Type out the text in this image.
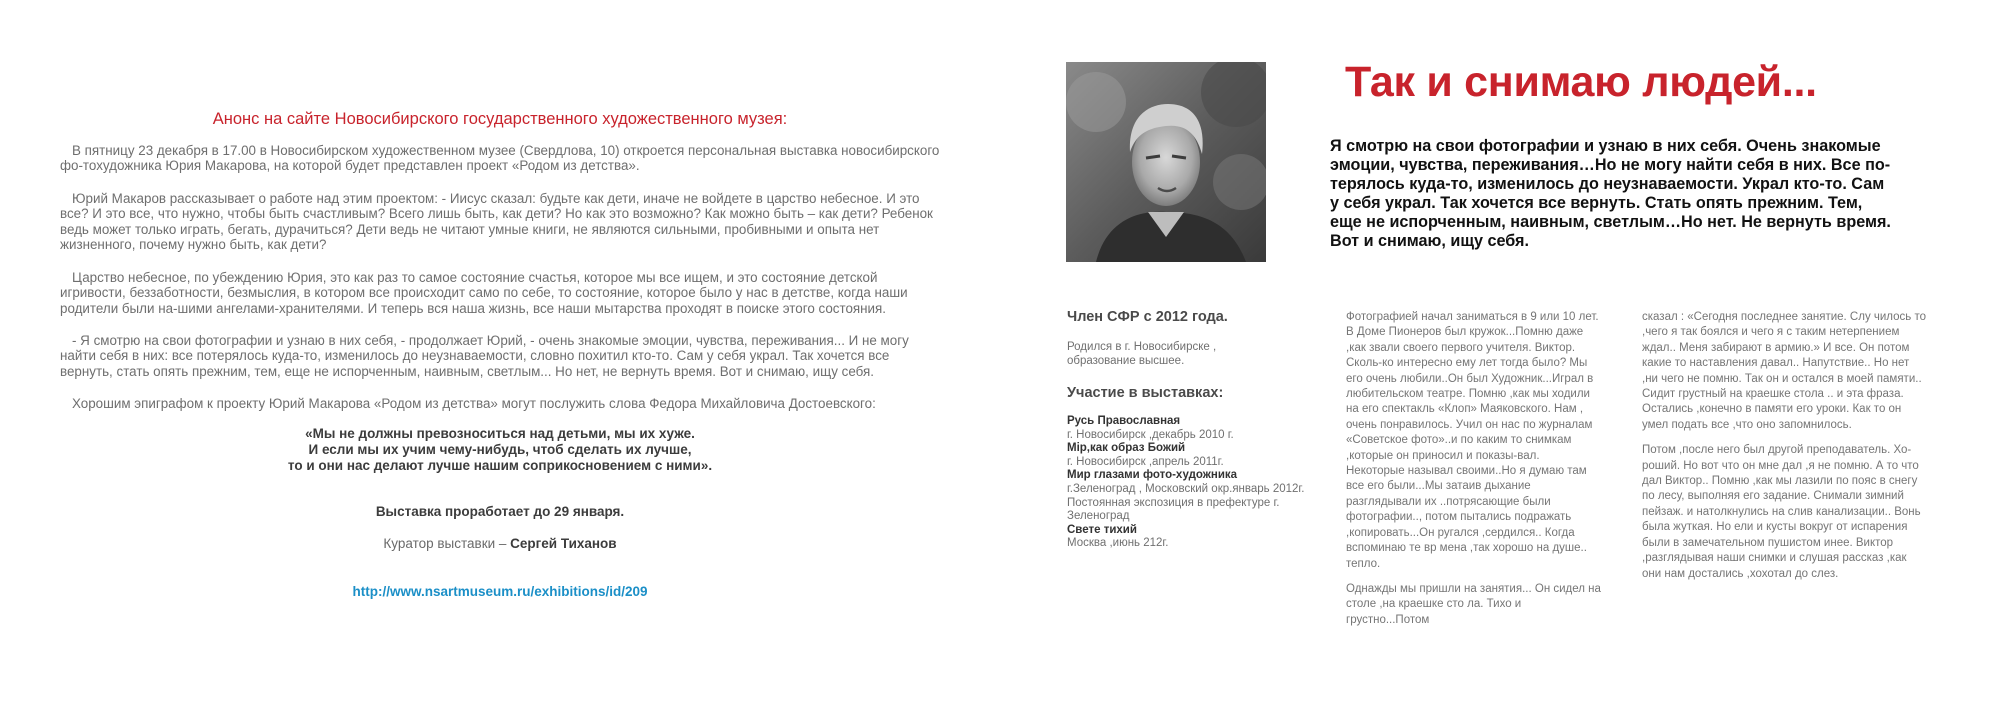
Анонс на сайте Новосибирского государственного художественного музея:

В пятницу 23 декабря в 17.00 в Новосибирском художественном музее (Свердлова, 10) откроется персональная выставка новосибирского фо-тохудожника Юрия Макарова, на которой будет представлен проект «Родом из детства».

Юрий Макаров рассказывает о работе над этим проектом: - Иисус сказал: будьте как дети, иначе не войдете в царство небесное. И это все? И это все, что нужно, чтобы быть счастливым? Всего лишь быть, как дети? Но как это возможно? Как можно быть – как дети? Ребенок ведь может только играть, бегать, дурачиться? Дети ведь не читают умные книги, не являются сильными, пробивными и опыта нет жизненного, почему нужно быть, как дети?

Царство небесное, по убеждению Юрия, это как раз то самое состояние счастья, которое мы все ищем, и это состояние детской игривости, беззаботности, безмыслия, в котором все происходит само по себе, то состояние, которое было у нас в детстве, когда наши родители были на-шими ангелами-хранителями. И теперь вся наша жизнь, все наши мытарства проходят в поиске этого состояния.

- Я смотрю на свои фотографии и узнаю в них себя, - продолжает Юрий, - очень знакомые эмоции, чувства, переживания... И не могу найти себя в них: все потерялось куда-то, изменилось до неузнаваемости, словно похитил кто-то. Сам у себя украл. Так хочется все вернуть, стать опять прежним, тем, еще не испорченным, наивным, светлым... Но нет, не вернуть время. Вот и снимаю, ищу себя.

Хорошим эпиграфом к проекту Юрий Макарова «Родом из детства» могут послужить слова Федора Михайловича Достоевского:

«Мы не должны превозноситься над детьми, мы их хуже.
И если мы их учим чему-нибудь, чтоб сделать их лучше,
то и они нас делают лучше нашим соприкосновением с ними».
Выставка проработает до 29 января.
Куратор выставки – Сергей Тиханов
http://www.nsartmuseum.ru/exhibitions/id/209
Так и снимаю людей...

Я смотрю на свои фотографии и узнаю в них себя. Очень знакомые эмоции, чувства, переживания…Но не могу найти себя в них. Все по-терялось куда-то, изменилось до неузнаваемости. Украл кто-то. Сам у себя украл. Так хочется все вернуть. Стать опять прежним. Тем, еще не испорченным, наивным, светлым…Но нет. Не вернуть время. Вот и снимаю, ищу себя.

Член СФР с 2012 года.

Родился в г. Новосибирске , образование высшее.

Участие в выставках:
Русь Православная
г. Новосибирск ,декабрь 2010 г.
Мiр,как образ Божий
г. Новосибирск ,апрель 2011г.
Мир глазами фото-художника
г.Зеленоград , Московский окр.январь 2012г. Постоянная экспозиция в префектуре г. Зеленоград
Свете тихий
Москва ,июнь 212г.

Фотографией начал заниматься в 9 или 10 лет. В Доме Пионеров был кружок...Помню даже ,как звали своего первого учителя. Виктор. Сколь-ко интересно ему лет тогда было? Мы его очень любили..Он был Художник...Играл в любительском театре. Помню ,как мы ходили на его спектакль «Клоп» Маяковского. Нам , очень понравилось. Учил он нас по журналам «Советское фото»..и по каким то снимкам ,которые он приносил и показы-вал. Некоторые называл своими..Но я думаю там все его были...Мы затаив дыхание разглядывали их ..потрясающие были фотографии.., потом пытались подражать ,копировать...Он ругался ,сердился.. Когда вспоминаю те вр мена ,так хорошо на душе.. тепло.

Однажды мы пришли на занятия... Он сидел на столе ,на краешке сто ла. Тихо и грустно...Потом

сказал : «Сегодня последнее занятие. Слу чилось то ,чего я так боялся и чего я с таким нетерпением ждал.. Меня забирают в армию.» И все. Он потом какие то наставления давал.. Напутствие.. Но нет ,ни чего не помню. Так он и остался в моей памяти.. Сидит грустный на краешке стола .. и эта фраза. Остались ,конечно в памяти его уроки. Как то он умел подать все ,что оно запомнилось.

Потом ,после него был другой преподаватель. Хо-роший. Но вот что он мне дал ,я не помню. А то что дал Виктор.. Помню ,как мы лазили по пояс в снегу по лесу, выполняя его задание. Снимали зимний пейзаж. и натолкнулись на слив канализации.. Вонь была жуткая. Но ели и кусты вокруг от испарения были в замечательном пушистом инее. Виктор ,разглядывая наши снимки и слушая рассказ ,как они нам достались ,хохотал до слез.
